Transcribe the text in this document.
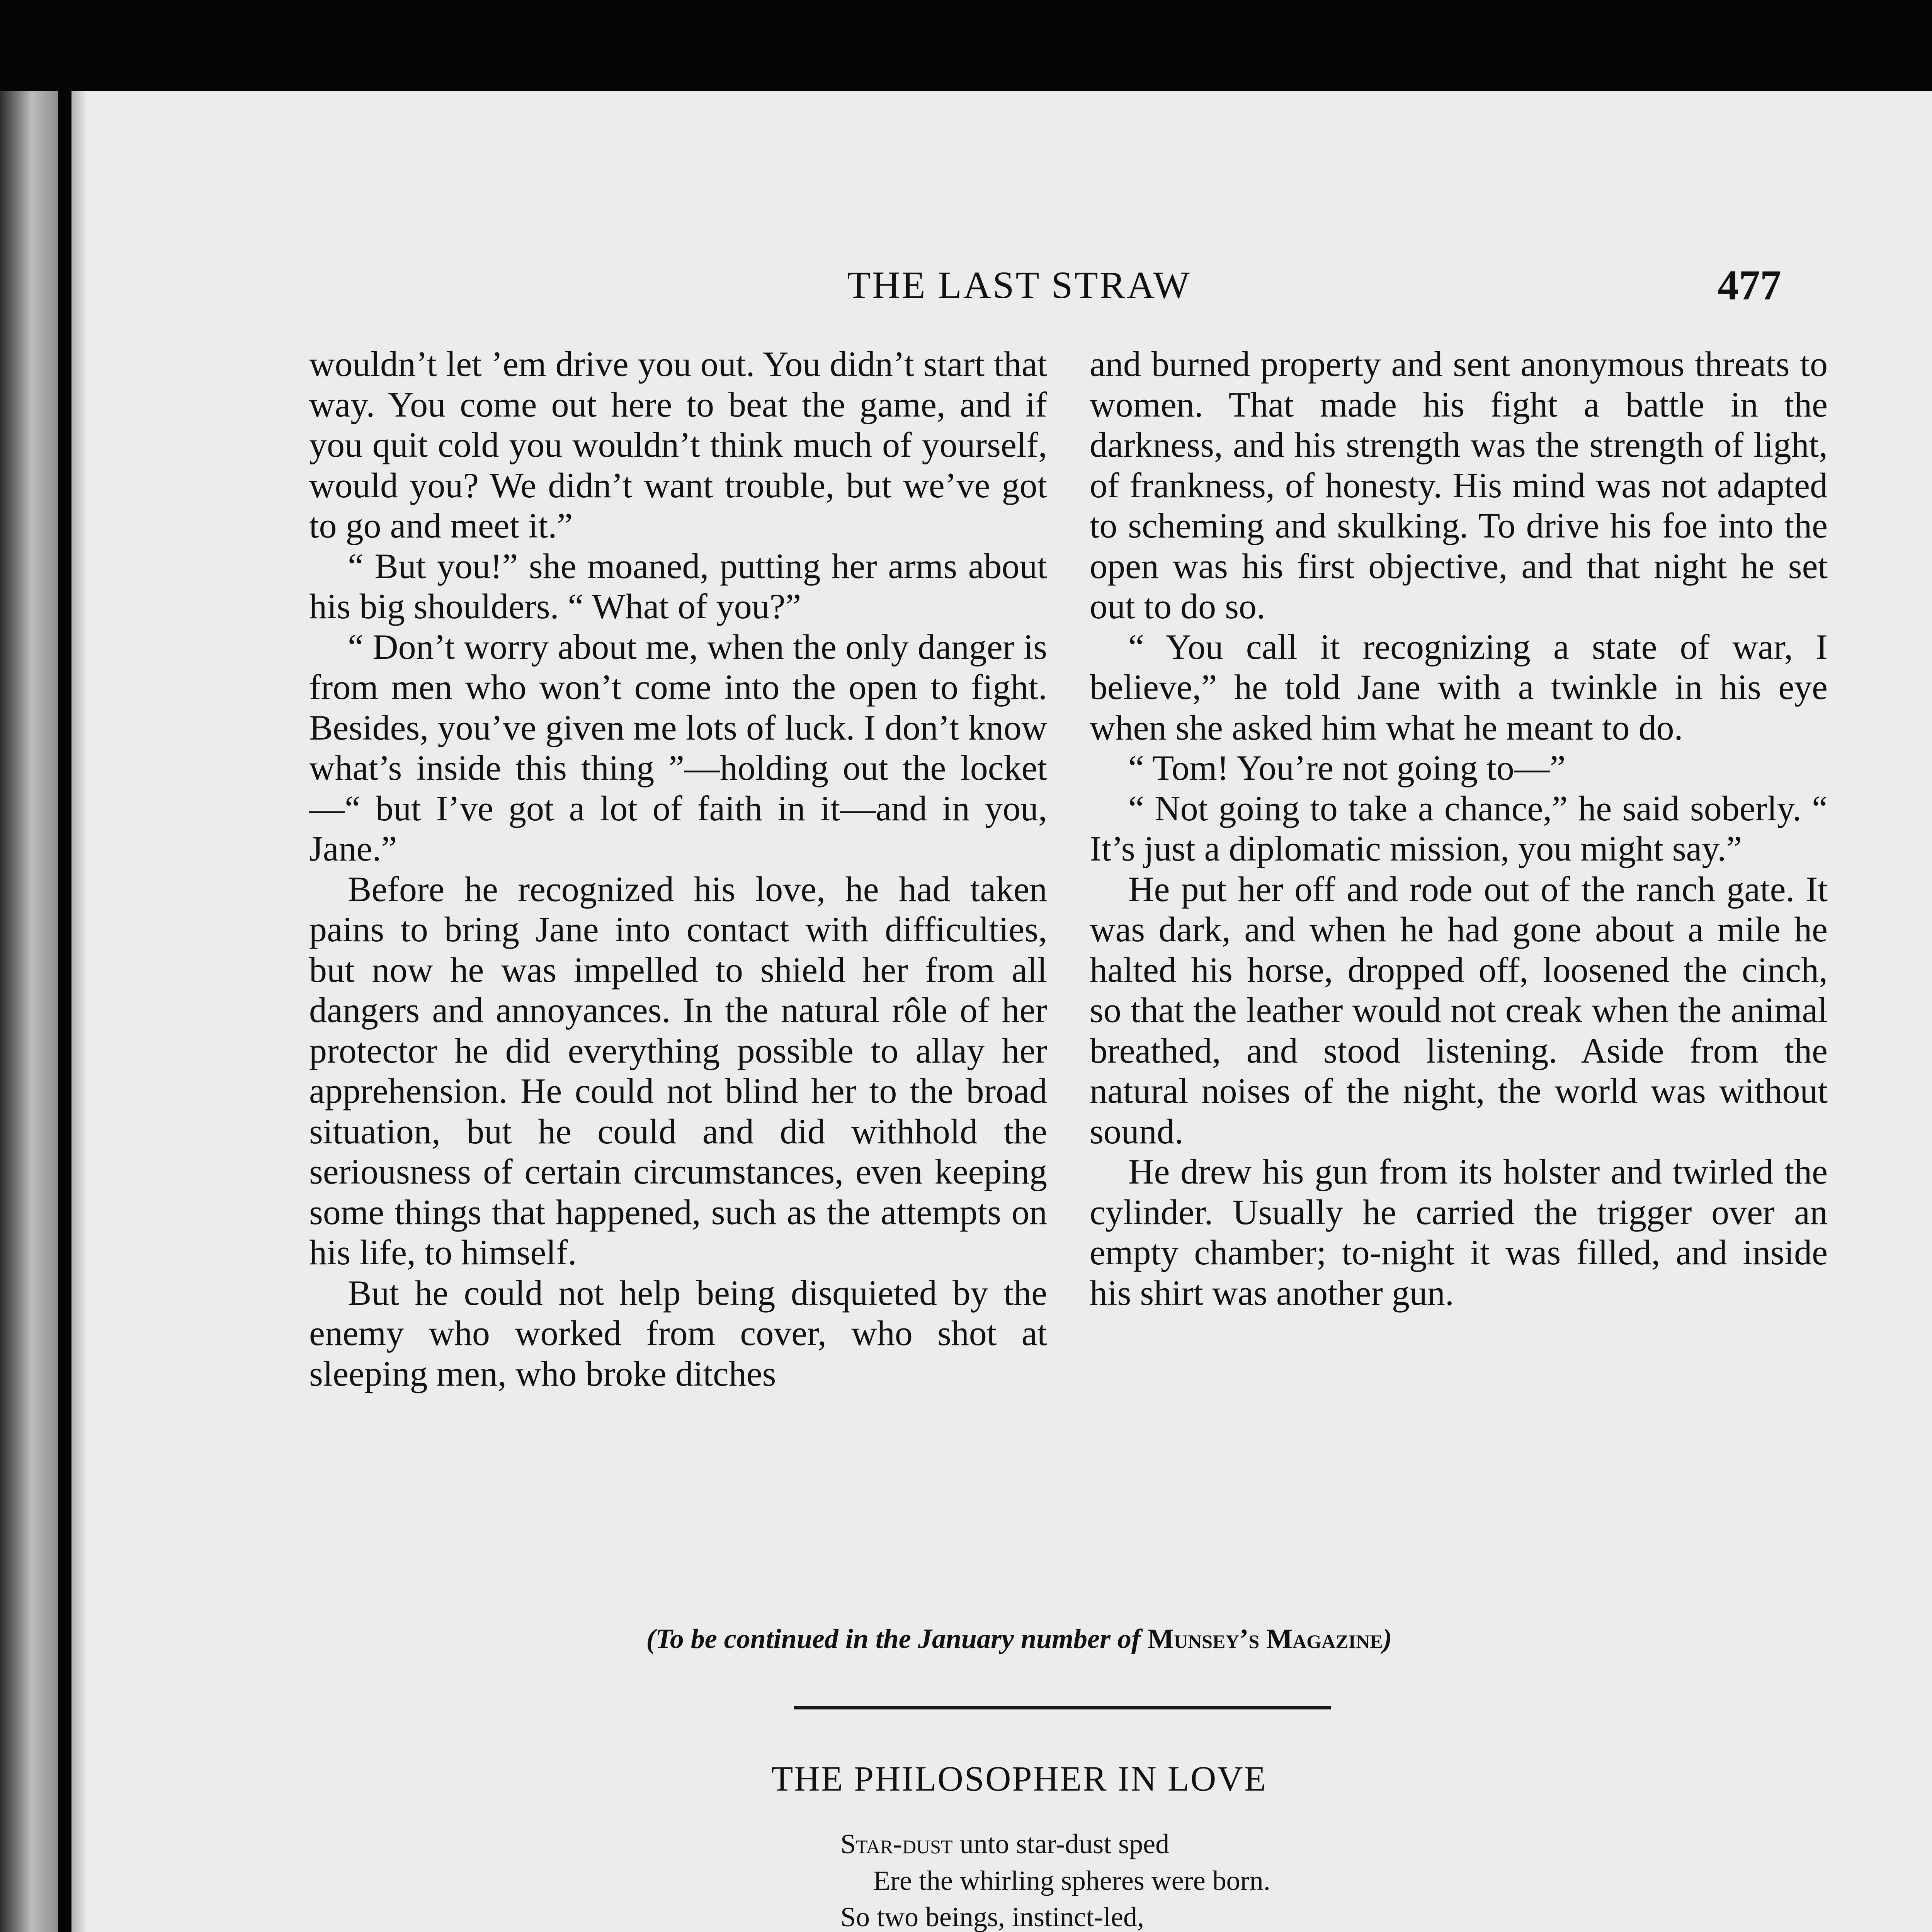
THE LAST STRAW	477

wouldn’t let ’em drive you out. You didn’t start that way. You come out here to beat the game, and if you quit cold you wouldn’t think much of yourself, would you? We didn’t want trouble, but we’ve got to go and meet it.”

“ But you!” she moaned, putting her arms about his big shoulders. “ What of you?”

“ Don’t worry about me, when the only danger is from men who won’t come into the open to fight. Besides, you’ve given me lots of luck. I don’t know what’s inside this thing ”—holding out the locket—“ but I’ve got a lot of faith in it—and in you, Jane.”

Before he recognized his love, he had taken pains to bring Jane into contact with difficulties, but now he was impelled to shield her from all dangers and annoyances. In the natural rôle of her protector he did everything possible to allay her apprehension. He could not blind her to the broad situation, but he could and did withhold the seriousness of certain circumstances, even keeping some things that happened, such as the attempts on his life, to himself.

But he could not help being disquieted by the enemy who worked from cover, who shot at sleeping men, who broke ditches

and burned property and sent anonymous threats to women. That made his fight a battle in the darkness, and his strength was the strength of light, of frankness, of honesty. His mind was not adapted to scheming and skulking. To drive his foe into the open was his first objective, and that night he set out to do so.

“ You call it recognizing a state of war, I believe,” he told Jane with a twinkle in his eye when she asked him what he meant to do.

“ Tom! You’re not going to—”

“ Not going to take a chance,” he said soberly. “ It’s just a diplomatic mission, you might say.”

He put her off and rode out of the ranch gate. It was dark, and when he had gone about a mile he halted his horse, dropped off, loosened the cinch, so that the leather would not creak when the animal breathed, and stood listening. Aside from the natural noises of the night, the world was without sound.

He drew his gun from its holster and twirled the cylinder. Usually he carried the trigger over an empty chamber; to-night it was filled, and inside his shirt was another gun.

(To be continued in the January number of Munsey’s Magazine)
THE PHILOSOPHER IN LOVE
Star-dust unto star-dust sped
Ere the whirling spheres were born.
So two beings, instinct-led,
